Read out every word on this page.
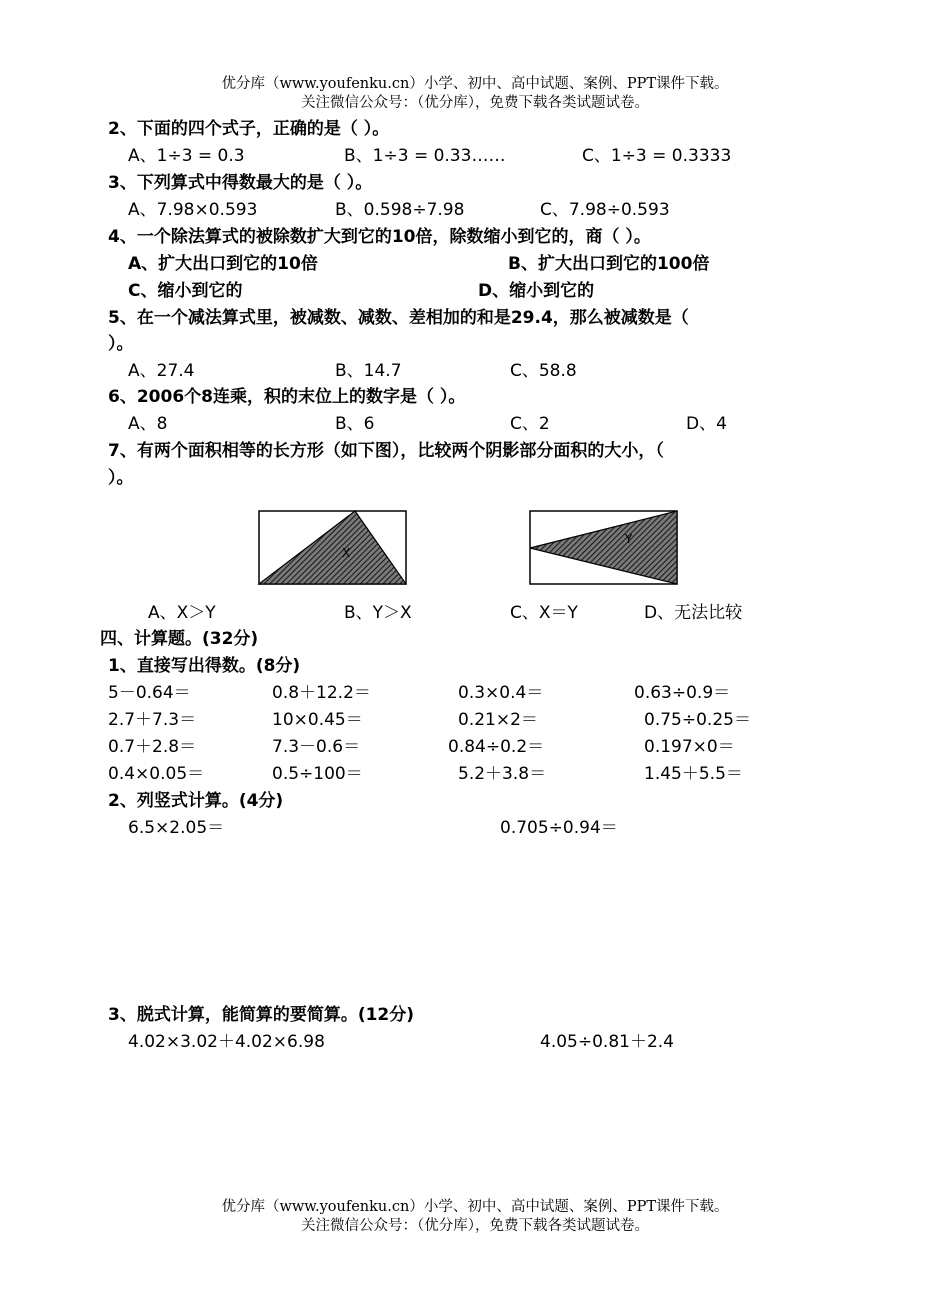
优分库（www.youfenku.cn）小学、初中、高中试题、案例、PPT课件下载。
关注微信公众号：（优分库），免费下载各类试题试卷。
2、下面的四个式子，正确的是（ ）。
A、1÷3 = 0.3	B、1÷3 = 0.33……	C、1÷3 = 0.3333
3、下列算式中得数最大的是（ ）。
A、7.98×0.593	B、0.598÷7.98	C、7.98÷0.593
4、一个除法算式的被除数扩大到它的10倍，除数缩小到它的，商（ ）。
A、扩大出口到它的10倍	B、扩大出口到它的100倍
C、缩小到它的	D、缩小到它的
5、在一个减法算式里，被减数、减数、差相加的和是29.4，那么被减数是（
）。
A、27.4	B、14.7	C、58.8
6、2006个8连乘，积的末位上的数字是（ ）。
A、8	B、6	C、2	D、4
7、有两个面积相等的长方形（如下图），比较两个阴影部分面积的大小，（
）。
X
Y
A、X＞Y	B、Y＞X	C、X＝Y	D、无法比较
四、计算题。(32分)
1、直接写出得数。(8分)
5－0.64＝	0.8＋12.2＝	0.3×0.4＝	0.63÷0.9＝
2.7＋7.3＝	10×0.45＝	0.21×2＝	0.75÷0.25＝
0.7＋2.8＝	7.3－0.6＝	0.84÷0.2＝	0.197×0＝
0.4×0.05＝	0.5÷100＝	5.2＋3.8＝	1.45＋5.5＝
2、列竖式计算。(4分)
6.5×2.05＝	0.705÷0.94＝
3、脱式计算，能简算的要简算。(12分)
4.02×3.02＋4.02×6.98	4.05÷0.81＋2.4
优分库（www.youfenku.cn）小学、初中、高中试题、案例、PPT课件下载。
关注微信公众号：（优分库），免费下载各类试题试卷。
